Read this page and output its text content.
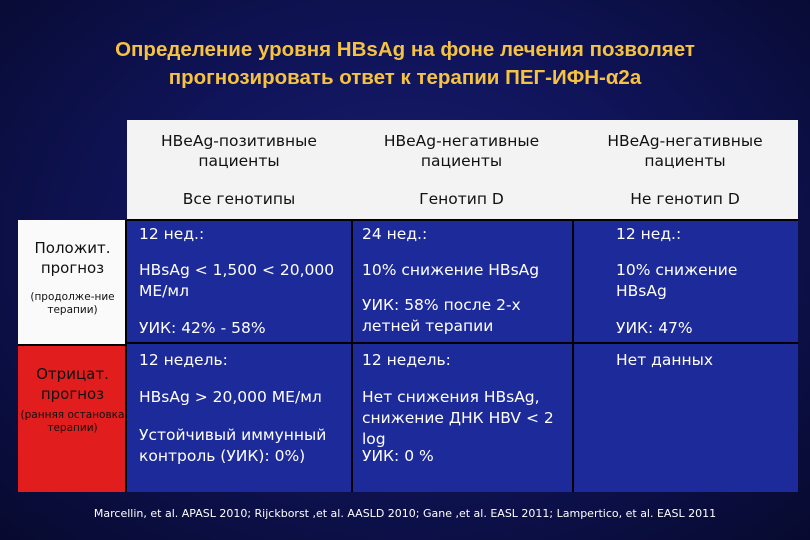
Определение уровня HBsAg на фоне лечения позволяет
прогнозировать ответ к терапии ПЕГ-ИФН-α2a
HBeAg-позитивные пациенты
HBeAg-негативные пациенты
HBeAg-негативные пациенты
Все генотипы	Генотип D	Не генотип D
Положит. прогноз
(продолже-ние терапии)
Отрицат. прогноз
(ранняя остановка терапии)
12 нед.:
HBsAg < 1,500 < 20,000 МЕ/мл
УИК: 42% - 58%
24 нед.:
10% снижение HBsAg
УИК: 58% после 2-х летней терапии
12 нед.:
10% снижение HBsAg
УИК: 47%
12 недель:
HBsAg > 20,000 МЕ/мл
Устойчивый иммунный контроль (УИК): 0%)
12 недель:
Нет снижения HBsAg, снижение ДНК HBV < 2 log
УИК: 0 %
Нет данных
Marcellin, et al. APASL 2010; Rijckborst ,et al. AASLD 2010; Gane ,et al. EASL 2011; Lampertico, et al. EASL 2011
